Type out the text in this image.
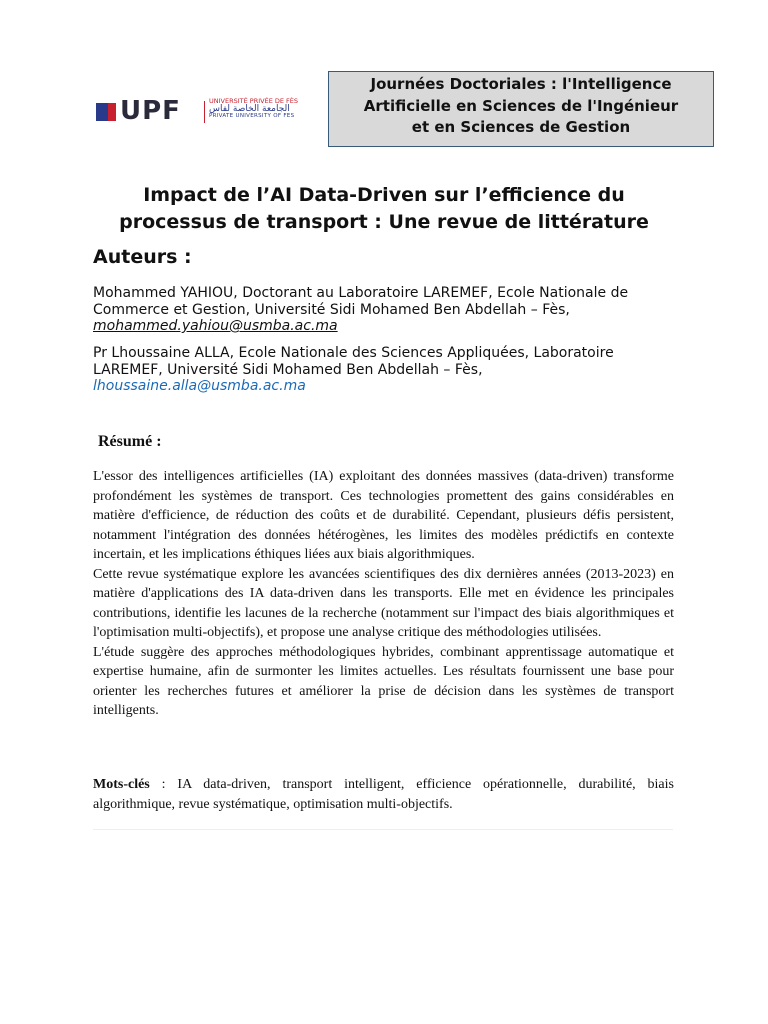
UPF	UNIVERSITÉ PRIVÉE DE FÈS
الجامعة الخاصة لفاس
PRIVATE UNIVERSITY OF FES
Journées Doctoriales : l'Intelligence
Artificielle en Sciences de l'Ingénieur
et en Sciences de Gestion
Impact de l’AI Data-Driven sur l’efficience du
processus de transport : Une revue de littérature
Auteurs :
Mohammed YAHIOU, Doctorant au Laboratoire LAREMEF, Ecole Nationale de Commerce et Gestion, Université Sidi Mohamed Ben Abdellah – Fès,
mohammed.yahiou@usmba.ac.ma
Pr Lhoussaine ALLA, Ecole Nationale des Sciences Appliquées, Laboratoire LAREMEF, Université Sidi Mohamed Ben Abdellah – Fès,
lhoussaine.alla@usmba.ac.ma
Résumé :

L'essor des intelligences artificielles (IA) exploitant des données massives (data-driven) transforme profondément les systèmes de transport. Ces technologies promettent des gains considérables en matière d'efficience, de réduction des coûts et de durabilité. Cependant, plusieurs défis persistent, notamment l'intégration des données hétérogènes, les limites des modèles prédictifs en contexte incertain, et les implications éthiques liées aux biais algorithmiques.

Cette revue systématique explore les avancées scientifiques des dix dernières années (2013-2023) en matière d'applications des IA data-driven dans les transports. Elle met en évidence les principales contributions, identifie les lacunes de la recherche (notamment sur l'impact des biais algorithmiques et l'optimisation multi-objectifs), et propose une analyse critique des méthodologies utilisées.

L'étude suggère des approches méthodologiques hybrides, combinant apprentissage automatique et expertise humaine, afin de surmonter les limites actuelles. Les résultats fournissent une base pour orienter les recherches futures et améliorer la prise de décision dans les systèmes de transport intelligents.

Mots-clés : IA data-driven, transport intelligent, efficience opérationnelle, durabilité, biais algorithmique, revue systématique, optimisation multi-objectifs.
